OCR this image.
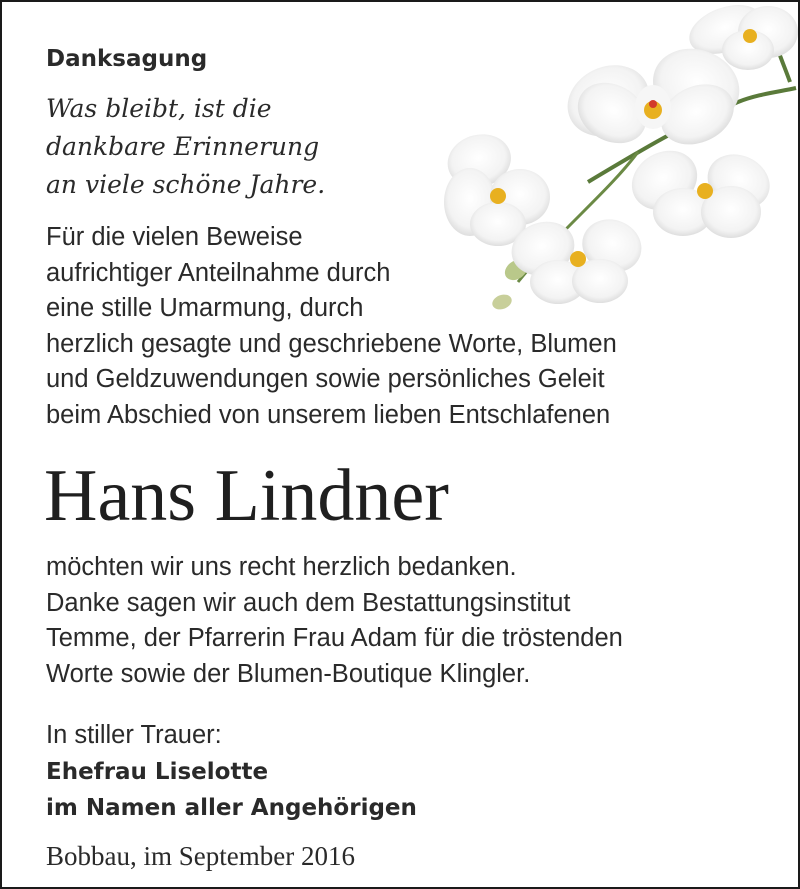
Danksagung
Was bleibt, ist die
dankbare Erinnerung
an viele schöne Jahre.
Für die vielen Beweise
aufrichtiger Anteilnahme durch
eine stille Umarmung, durch
herzlich gesagte und geschriebene Worte, Blumen
und Geldzuwendungen sowie persönliches Geleit
beim Abschied von unserem lieben Entschlafenen
Hans Lindner
möchten wir uns recht herzlich bedanken.
Danke sagen wir auch dem Bestattungsinstitut
Temme, der Pfarrerin Frau Adam für die tröstenden
Worte sowie der Blumen-Boutique Klingler.
In stiller Trauer:
Ehefrau Liselotte
im Namen aller Angehörigen
Bobbau, im September 2016
